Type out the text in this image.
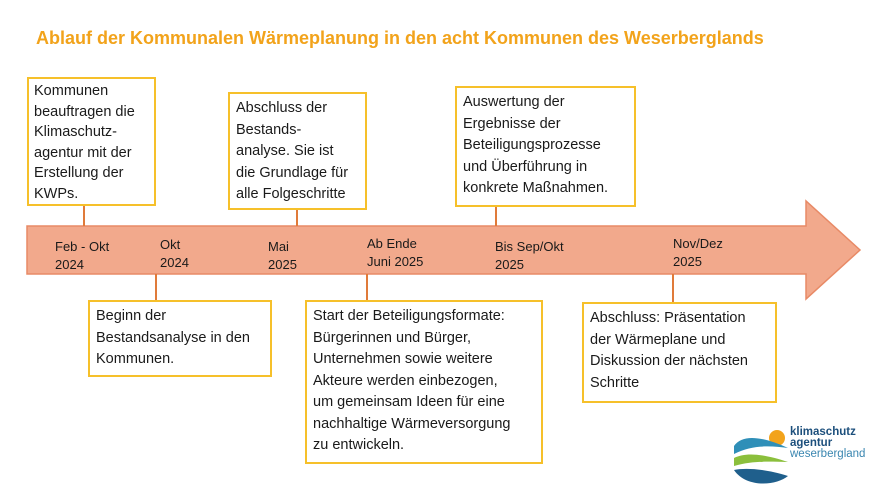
Ablauf der Kommunalen Wärmeplanung in den acht Kommunen des Weserberglands
Feb - Okt
2024
Okt
2024
Mai
2025
Ab Ende
Juni 2025
Bis Sep/Okt
2025
Nov/Dez
2025
Kommunen
beauftragen die
Klimaschutz-
agentur mit der
Erstellung der
KWPs.
Abschluss der
Bestands-
analyse. Sie ist
die Grundlage für
alle Folgeschritte
Auswertung der
Ergebnisse der
Beteiligungsprozesse
und Überführung in
konkrete Maßnahmen.
Beginn der
Bestandsanalyse in den
Kommunen.
Start der Beteiligungsformate:
Bürgerinnen und Bürger,
Unternehmen sowie weitere
Akteure werden einbezogen,
um gemeinsam Ideen für eine
nachhaltige Wärmeversorgung
zu entwickeln.
Abschluss: Präsentation
der Wärmeplane und
Diskussion der nächsten
Schritte
klimaschutz
agentur
weserbergland
